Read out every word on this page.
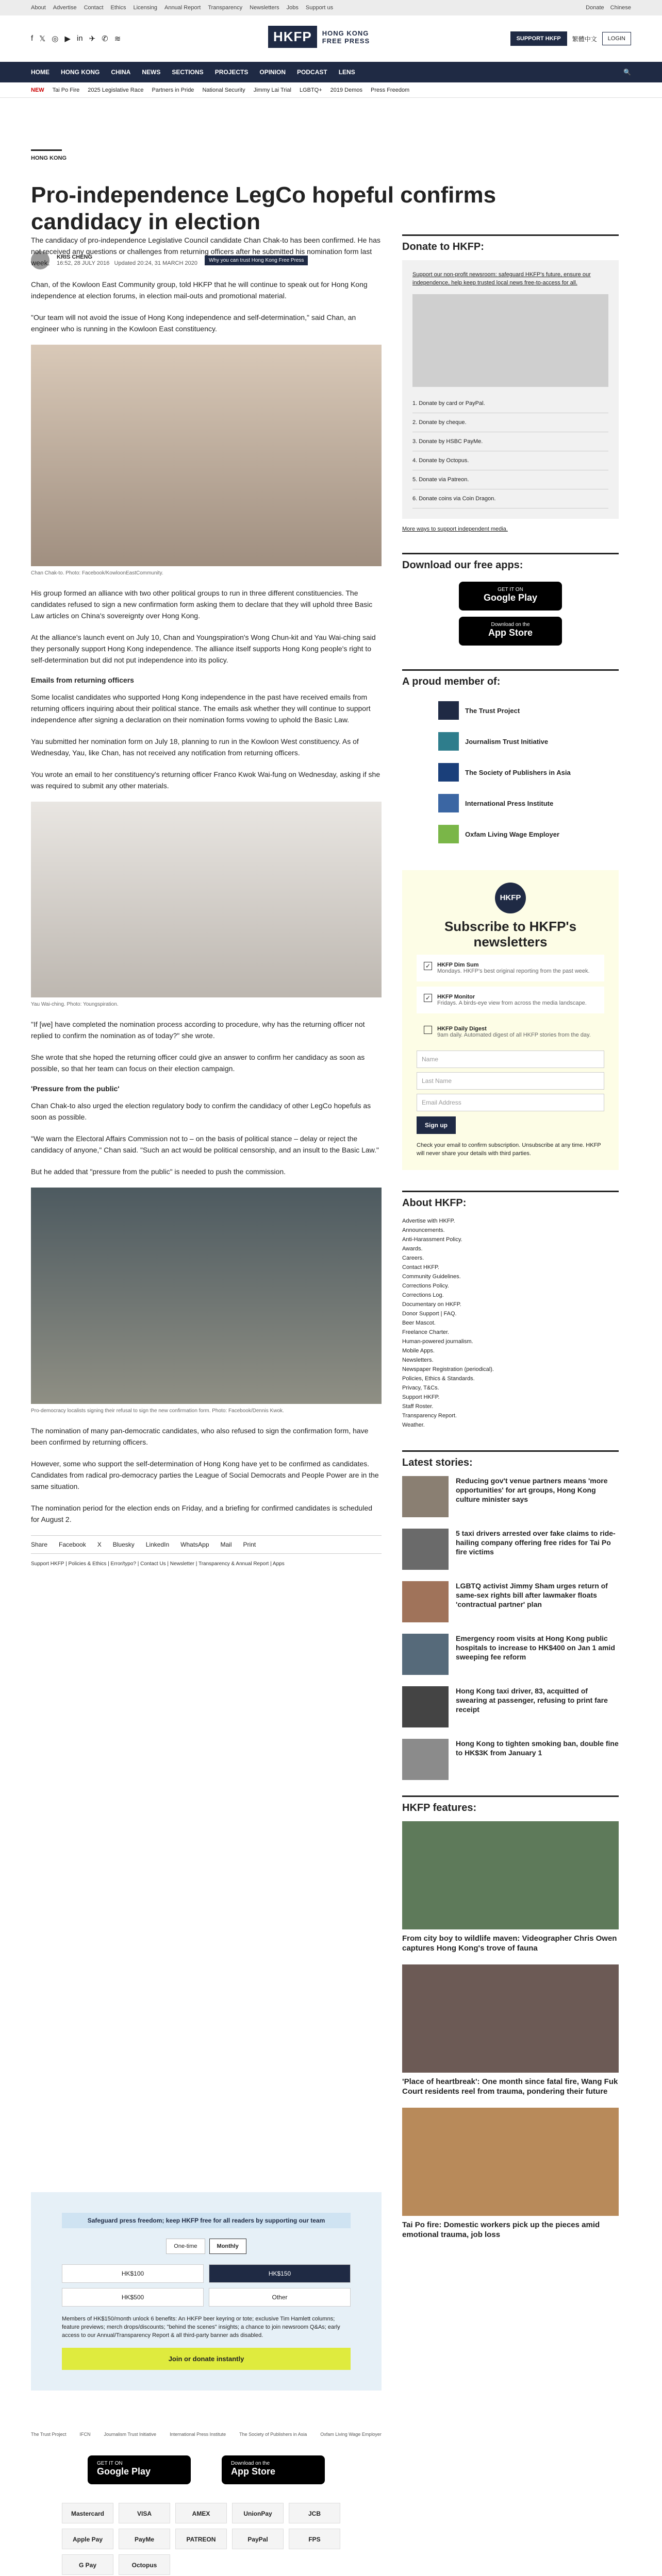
About Advertise Contact Ethics Licensing Annual Report Transparency Newsletters Jobs Support us	Donate Chinese
f 𝕏 ◎ ▶ in ✈ ✆ ≋	HKFP	HONG KONG
FREE PRESS	SUPPORT HKFP	繁體中文	LOGIN
HOME HONG KONG CHINA NEWS SECTIONS PROJECTS OPINION PODCAST LENS	🔍
NEW Tai Po Fire 2025 Legislative Race Partners in Pride National Security Jimmy Lai Trial LGBTQ+ 2019 Demos Press Freedom
HONG KONG
Pro-independence LegCo hopeful confirms candidacy in election
KRIS CHENG
16:52, 28 JULY 2016 Updated 20:24, 31 MARCH 2020	Why you can trust Hong Kong Free Press

The candidacy of pro-independence Legislative Council candidate Chan Chak-to has been confirmed. He has not received any questions or challenges from returning officers after he submitted his nomination form last week.

Chan, of the Kowloon East Community group, told HKFP that he will continue to speak out for Hong Kong independence at election forums, in election mail-outs and promotional material.

"Our team will not avoid the issue of Hong Kong independence and self-determination," said Chan, an engineer who is running in the Kowloon East constituency.

Chan Chak-to. Photo: Facebook/KowloonEastCommunity.

His group formed an alliance with two other political groups to run in three different constituencies. The candidates refused to sign a new confirmation form asking them to declare that they will uphold three Basic Law articles on China's sovereignty over Hong Kong.

At the alliance's launch event on July 10, Chan and Youngspiration's Wong Chun-kit and Yau Wai-ching said they personally support Hong Kong independence. The alliance itself supports Hong Kong people's right to self-determination but did not put independence into its policy.

Emails from returning officers

Some localist candidates who supported Hong Kong independence in the past have received emails from returning officers inquiring about their political stance. The emails ask whether they will continue to support independence after signing a declaration on their nomination forms vowing to uphold the Basic Law.

Yau submitted her nomination form on July 18, planning to run in the Kowloon West constituency. As of Wednesday, Yau, like Chan, has not received any notification from returning officers.

You wrote an email to her constituency's returning officer Franco Kwok Wai-fung on Wednesday, asking if she was required to submit any other materials.

Yau Wai-ching. Photo: Youngspiration.

"If [we] have completed the nomination process according to procedure, why has the returning officer not replied to confirm the nomination as of today?" she wrote.

She wrote that she hoped the returning officer could give an answer to confirm her candidacy as soon as possible, so that her team can focus on their election campaign.

'Pressure from the public'

Chan Chak-to also urged the election regulatory body to confirm the candidacy of other LegCo hopefuls as soon as possible.

"We warn the Electoral Affairs Commission not to – on the basis of political stance – delay or reject the candidacy of anyone," Chan said. "Such an act would be political censorship, and an insult to the Basic Law."

But he added that "pressure from the public" is needed to push the commission.

Pro-democracy localists signing their refusal to sign the new confirmation form. Photo: Facebook/Dennis Kwok.

The nomination of many pan-democratic candidates, who also refused to sign the confirmation form, have been confirmed by returning officers.

However, some who support the self-determination of Hong Kong have yet to be confirmed as candidates. Candidates from radical pro-democracy parties the League of Social Democrats and People Power are in the same situation.

The nomination period for the election ends on Friday, and a briefing for confirmed candidates is scheduled for August 2.

Share Facebook X Bluesky LinkedIn WhatsApp Mail Print
Support HKFP | Policies & Ethics | Error/typo? | Contact Us | Newsletter | Transparency & Annual Report | Apps
Safeguard press freedom; keep HKFP free for all readers by supporting our team
One-time	Monthly
HK$100	HK$150
HK$500	Other
Members of HK$150/month unlock 6 benefits: An HKFP beer keyring or tote; exclusive Tim Hamlett columns; feature previews; merch drops/discounts; "behind the scenes" insights; a chance to join newsroom Q&As; early access to our Annual/Transparency Report & all third-party banner ads disabled.
Join or donate instantly
The Trust Project	IFCN	Journalism Trust Initiative	International Press Institute	The Society of Publishers in Asia	Oxfam Living Wage Employer
GET IT ON
Google Play
Download on the
App Store
Mastercard	VISA	AMEX	UnionPay	JCB
Apple Pay	PayMe	PATREON	PayPal	FPS
G Pay	Octopus

Donate to HKFP:

Support our non-profit newsroom: safeguard HKFP's future, ensure our independence, help keep trusted local news free-to-access for all.

1. Donate by card or PayPal.
2. Donate by cheque.
3. Donate by HSBC PayMe.
4. Donate by Octopus.
5. Donate via Patreon.
6. Donate coins via Coin Dragon.

More ways to support independent media.

Download our free apps:
GET IT ON
Google Play

Download on the
App Store
A proud member of:
The Trust Project
Journalism Trust Initiative
The Society of Publishers in Asia
International Press Institute
Oxfam Living Wage Employer
HKFP
Subscribe to HKFP's newsletters
✓ HKFP Dim Sum
Mondays. HKFP's best original reporting from the past week.
✓ HKFP Monitor
Fridays. A birds-eye view from across the media landscape.
HKFP Daily Digest
9am daily. Automated digest of all HKFP stories from the day.
Name
Last Name
Email Address
Sign up

Check your email to confirm subscription. Unsubscribe at any time. HKFP will never share your details with third parties.

About HKFP:
Advertise with HKFP.
Announcements.
Anti-Harassment Policy.
Awards.
Careers.
Contact HKFP.
Community Guidelines.
Corrections Policy.
Corrections Log.
Documentary on HKFP.
Donor Support | FAQ.
Beer Mascot.
Freelance Charter.
Human-powered journalism.
Mobile Apps.
Newsletters.
Newspaper Registration (periodical).
Policies, Ethics & Standards.
Privacy, T&Cs.
Support HKFP.
Staff Roster.
Transparency Report.
Weather.
Latest stories:
Reducing gov't venue partners means 'more opportunities' for art groups, Hong Kong culture minister says
5 taxi drivers arrested over fake claims to ride-hailing company offering free rides for Tai Po fire victims
LGBTQ activist Jimmy Sham urges return of same-sex rights bill after lawmaker floats 'contractual partner' plan
Emergency room visits at Hong Kong public hospitals to increase to HK$400 on Jan 1 amid sweeping fee reform
Hong Kong taxi driver, 83, acquitted of swearing at passenger, refusing to print fare receipt
Hong Kong to tighten smoking ban, double fine to HK$3K from January 1
HKFP features:
From city boy to wildlife maven: Videographer Chris Owen captures Hong Kong's trove of fauna
'Place of heartbreak': One month since fatal fire, Wang Fuk Court residents reel from trauma, pondering their future
Tai Po fire: Domestic workers pick up the pieces amid emotional trauma, job loss
